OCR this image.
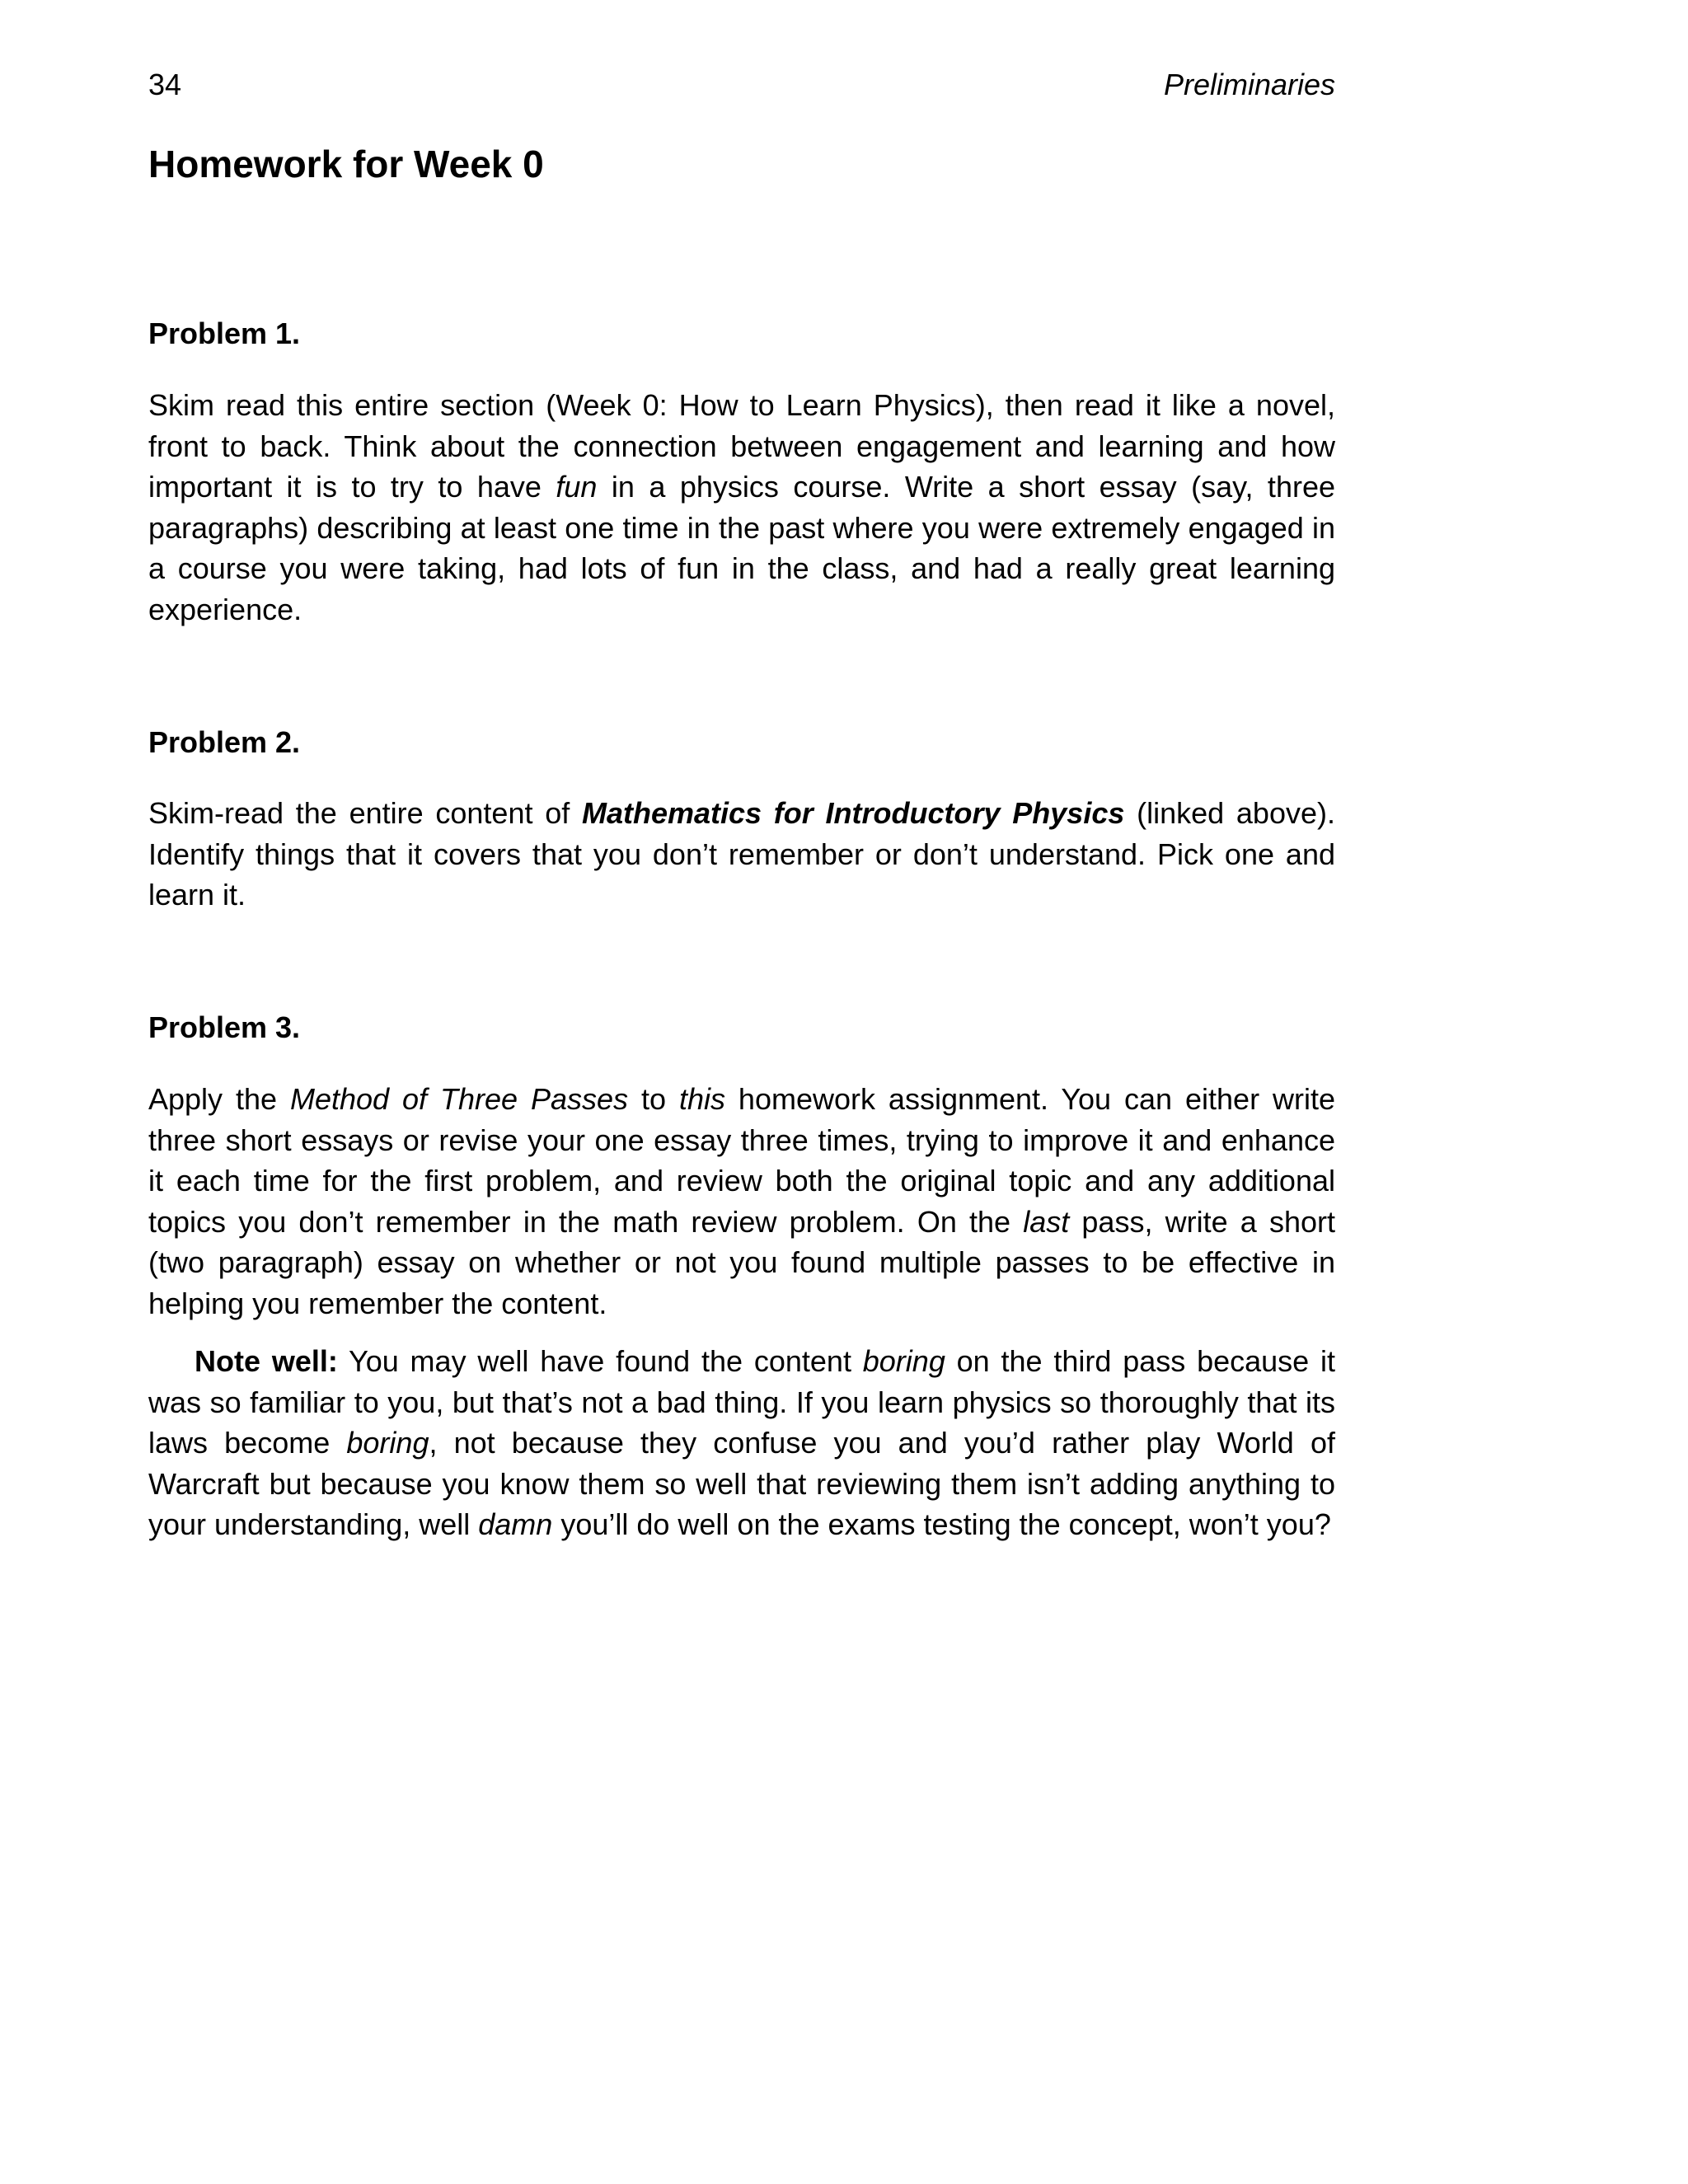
34	Preliminaries
Homework for Week 0
Problem 1.

Skim read this entire section (Week 0: How to Learn Physics), then read it like a novel, front to back. Think about the connection between engagement and learning and how important it is to try to have fun in a physics course. Write a short essay (say, three paragraphs) describing at least one time in the past where you were extremely engaged in a course you were taking, had lots of fun in the class, and had a really great learning experience.

Problem 2.

Skim-read the entire content of Mathematics for Introductory Physics (linked above). Identify things that it covers that you don’t remember or don’t understand. Pick one and learn it.

Problem 3.

Apply the Method of Three Passes to this homework assignment. You can either write three short essays or revise your one essay three times, trying to improve it and enhance it each time for the first problem, and review both the original topic and any additional topics you don’t remember in the math review problem. On the last pass, write a short (two paragraph) essay on whether or not you found multiple passes to be effective in helping you remember the content.

Note well: You may well have found the content boring on the third pass because it was so familiar to you, but that’s not a bad thing. If you learn physics so thoroughly that its laws become boring, not because they confuse you and you’d rather play World of Warcraft but because you know them so well that reviewing them isn’t adding anything to your understanding, well damn you’ll do well on the exams testing the concept, won’t you?
